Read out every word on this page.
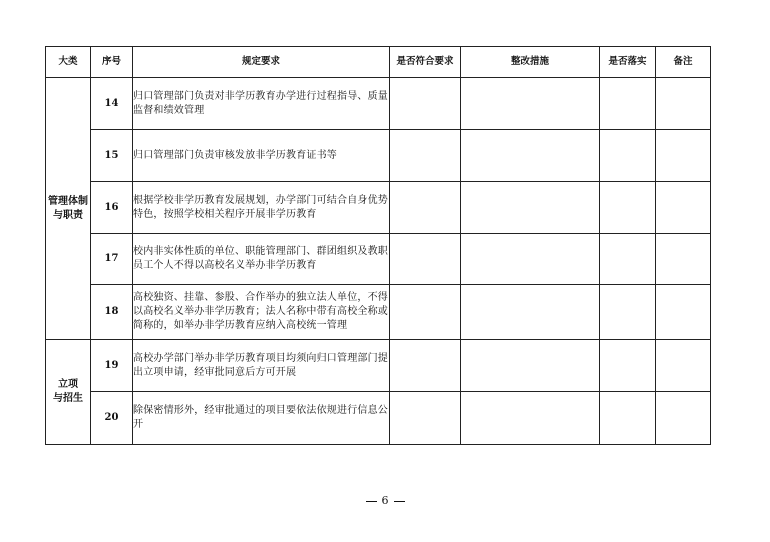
大类	序号	规定要求	是否符合要求	整改措施	是否落实	备注

管理体制
与职责	14	归口管理部门负责对非学历教育办学进行过程指导、质量监督和绩效管理				
	15	归口管理部门负责审核发放非学历教育证书等				
	16	根据学校非学历教育发展规划，办学部门可结合自身优势特色，按照学校相关程序开展非学历教育				
	17	校内非实体性质的单位、职能管理部门、群团组织及教职员工个人不得以高校名义举办非学历教育				
	18	高校独资、挂靠、参股、合作举办的独立法人单位，不得以高校名义举办非学历教育；法人名称中带有高校全称或简称的，如举办非学历教育应纳入高校统一管理				

立项
与招生	19	高校办学部门举办非学历教育项目均须向归口管理部门提出立项申请，经审批同意后方可开展				
	20	除保密情形外，经审批通过的项目要依法依规进行信息公开				
6
